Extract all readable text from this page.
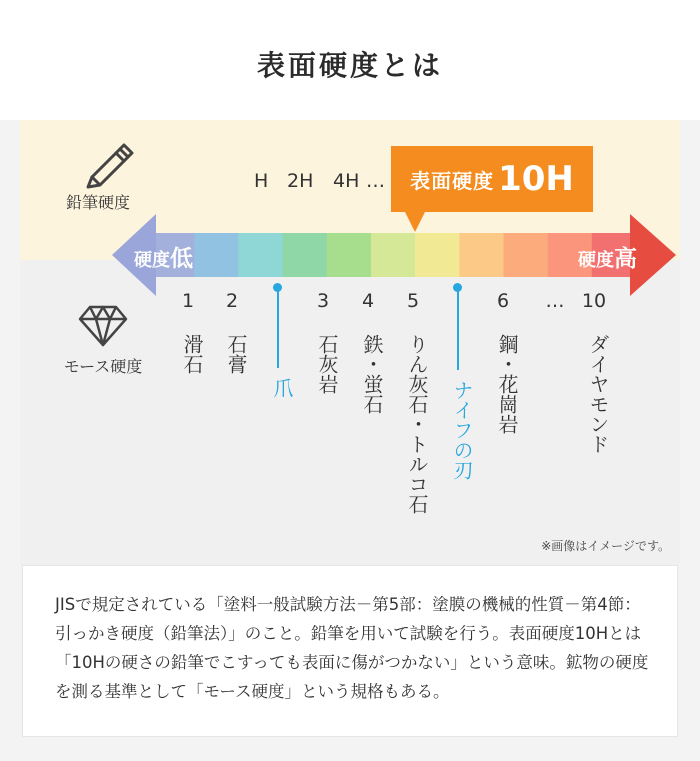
表面硬度とは
鉛筆硬度
H 2H 4H … 表面硬度 10H
硬度低	硬度高
モース硬度
1	2	3	4	5	6	… 10
滑石	石膏
爪	石灰岩	鉄・蛍石	りん灰石・トルコ石	ナイフの刃	鋼・花崗岩	ダイヤモンド
※画像はイメージです。
JISで規定されている「塗料一般試験方法－第5部：塗膜の機械的性質－第4節：引っかき硬度（鉛筆法）」のこと。鉛筆を用いて試験を行う。表面硬度10Hとは「10Hの硬さの鉛筆でこすっても表面に傷がつかない」という意味。鉱物の硬度を測る基準として「モース硬度」という規格もある。
